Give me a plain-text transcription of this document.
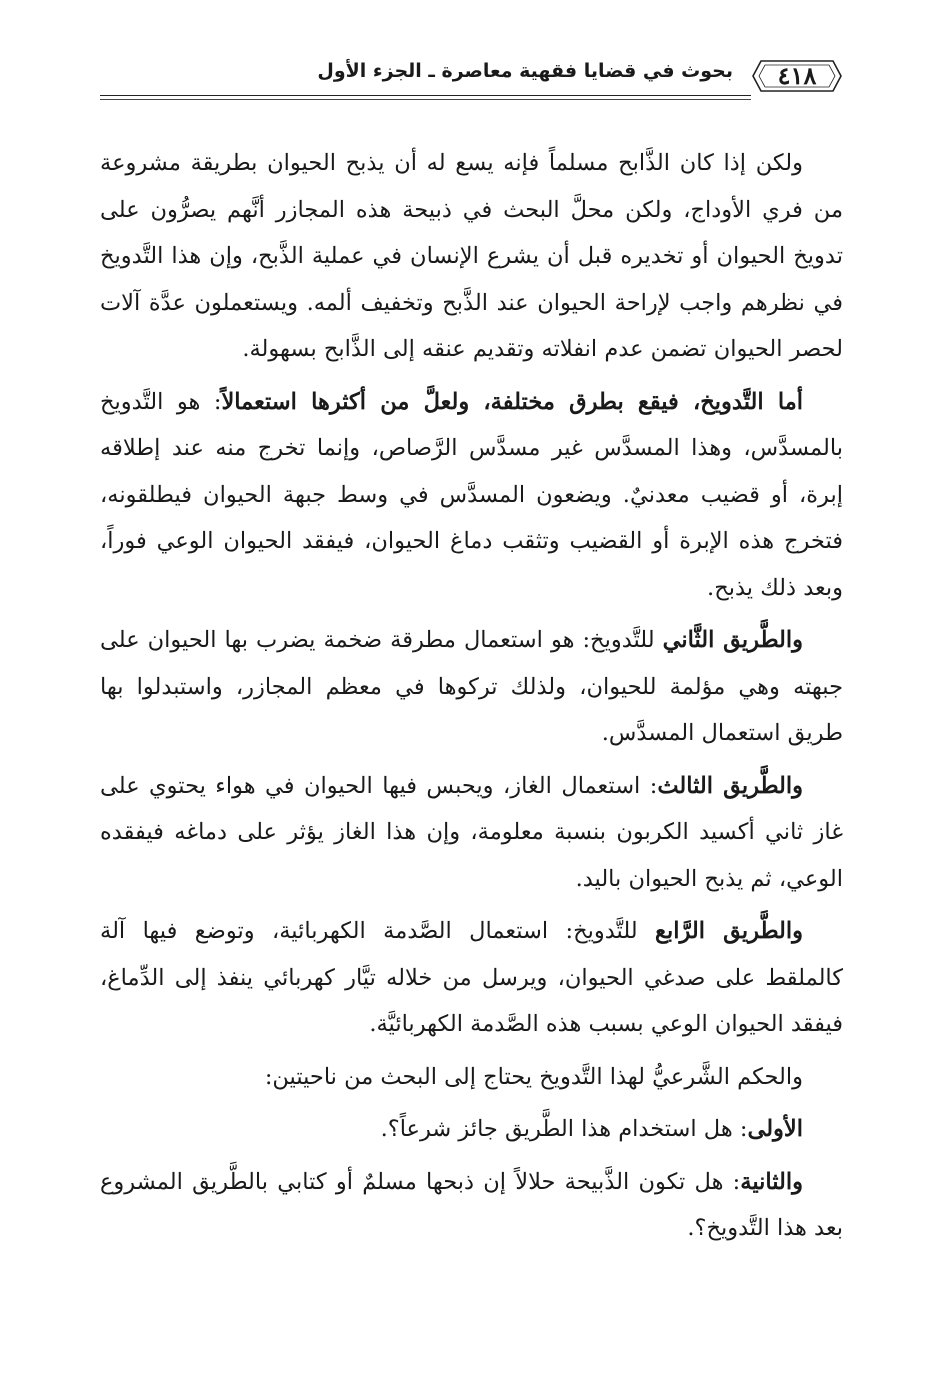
٤١٨
بحوث في قضايا فقهية معاصرة ـ الجزء الأول

ولكن إذا كان الذَّابح مسلماً فإنه يسع له أن يذبح الحيوان بطريقة مشروعة من فري الأوداج، ولكن محلَّ البحث في ذبيحة هذه المجازر أنَّهم يصرُّون على تدويخ الحيوان أو تخديره قبل أن يشرع الإنسان في عملية الذَّبح، وإن هذا التَّدويخ في نظرهم واجب لإراحة الحيوان عند الذَّبح وتخفيف ألمه. ويستعملون عدَّة آلات لحصر الحيوان تضمن عدم انفلاته وتقديم عنقه إلى الذَّابح بسهولة.

أما التَّدويخ، فيقع بطرق مختلفة، ولعلَّ من أكثرها استعمالاً: هو التَّدويخ بالمسدَّس، وهذا المسدَّس غير مسدَّس الرَّصاص، وإنما تخرج منه عند إطلاقه إبرة، أو قضيب معدنيٌ. ويضعون المسدَّس في وسط جبهة الحيوان فيطلقونه، فتخرج هذه الإبرة أو القضيب وتثقب دماغ الحيوان، فيفقد الحيوان الوعي فوراً، وبعد ذلك يذبح.

والطَّريق الثَّاني للتَّدويخ: هو استعمال مطرقة ضخمة يضرب بها الحيوان على جبهته وهي مؤلمة للحيوان، ولذلك تركوها في معظم المجازر، واستبدلوا بها طريق استعمال المسدَّس.

والطَّريق الثالث: استعمال الغاز، ويحبس فيها الحيوان في هواء يحتوي على غاز ثاني أكسيد الكربون بنسبة معلومة، وإن هذا الغاز يؤثر على دماغه فيفقده الوعي، ثم يذبح الحيوان باليد.

والطَّريق الرَّابع للتَّدويخ: استعمال الصَّدمة الكهربائية، وتوضع فيها آلة كالملقط على صدغي الحيوان، ويرسل من خلاله تيَّار كهربائي ينفذ إلى الدِّماغ، فيفقد الحيوان الوعي بسبب هذه الصَّدمة الكهربائيَّة.

والحكم الشَّرعيُّ لهذا التَّدويخ يحتاج إلى البحث من ناحيتين:

الأولى: هل استخدام هذا الطَّريق جائز شرعاً؟.

والثانية: هل تكون الذَّبيحة حلالاً إن ذبحها مسلمٌ أو كتابي بالطَّريق المشروع بعد هذا التَّدويخ؟.
